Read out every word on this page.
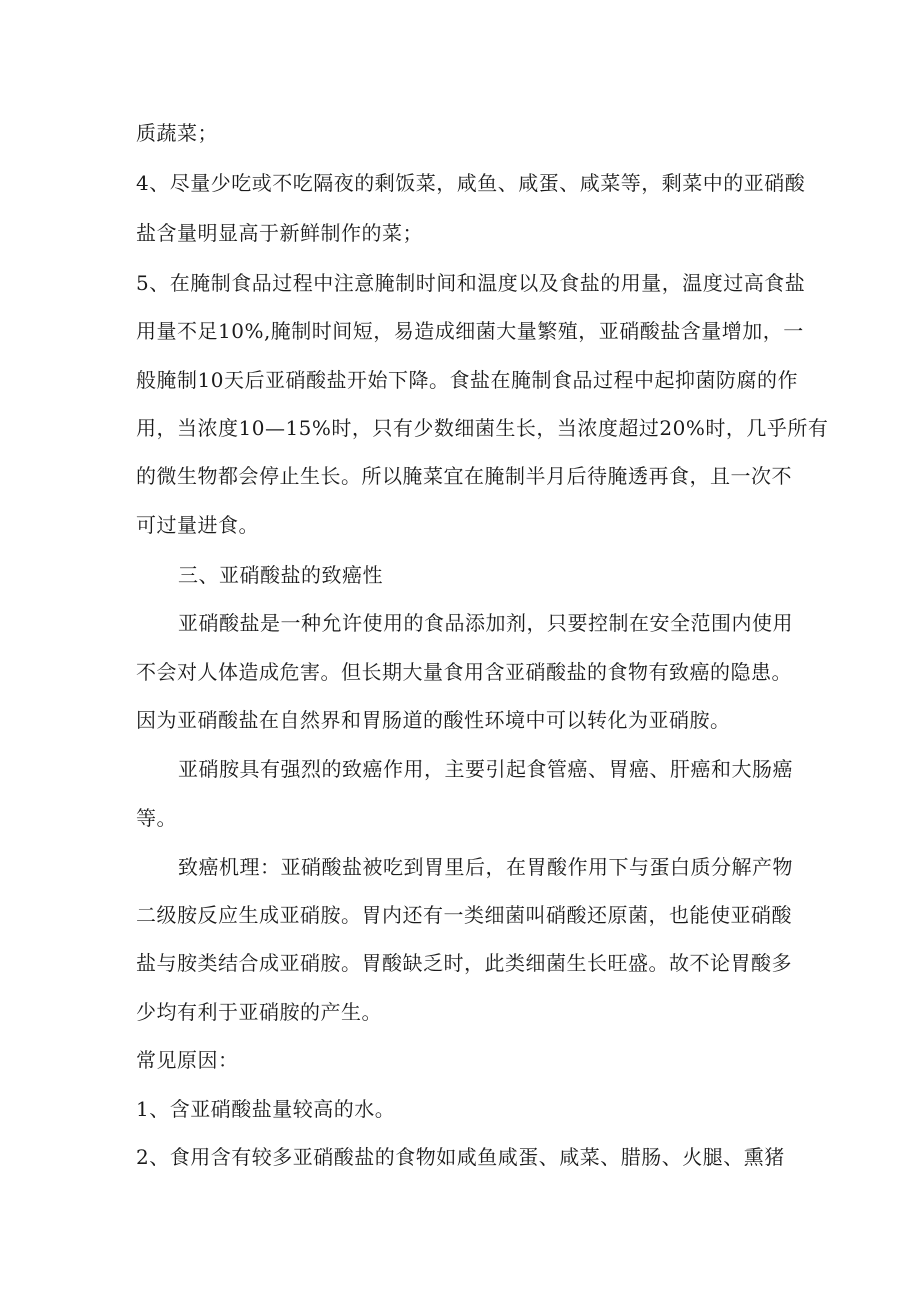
质蔬菜；
4、尽量少吃或不吃隔夜的剩饭菜，咸鱼、咸蛋、咸菜等，剩菜中的亚硝酸
盐含量明显高于新鲜制作的菜；
5、在腌制食品过程中注意腌制时间和温度以及食盐的用量，温度过高食盐
用量不足10%,腌制时间短，易造成细菌大量繁殖，亚硝酸盐含量增加，一
般腌制10天后亚硝酸盐开始下降。食盐在腌制食品过程中起抑菌防腐的作
用，当浓度10—15%时，只有少数细菌生长，当浓度超过20%时，几乎所有
的微生物都会停止生长。所以腌菜宜在腌制半月后待腌透再食，且一次不
可过量进食。
三、亚硝酸盐的致癌性
亚硝酸盐是一种允许使用的食品添加剂，只要控制在安全范围内使用
不会对人体造成危害。但长期大量食用含亚硝酸盐的食物有致癌的隐患。
因为亚硝酸盐在自然界和胃肠道的酸性环境中可以转化为亚硝胺。
亚硝胺具有强烈的致癌作用，主要引起食管癌、胃癌、肝癌和大肠癌
等。
致癌机理：亚硝酸盐被吃到胃里后，在胃酸作用下与蛋白质分解产物
二级胺反应生成亚硝胺。胃内还有一类细菌叫硝酸还原菌，也能使亚硝酸
盐与胺类结合成亚硝胺。胃酸缺乏时，此类细菌生长旺盛。故不论胃酸多
少均有利于亚硝胺的产生。
常见原因：
1、含亚硝酸盐量较高的水。
2、食用含有较多亚硝酸盐的食物如咸鱼咸蛋、咸菜、腊肠、火腿、熏猪
